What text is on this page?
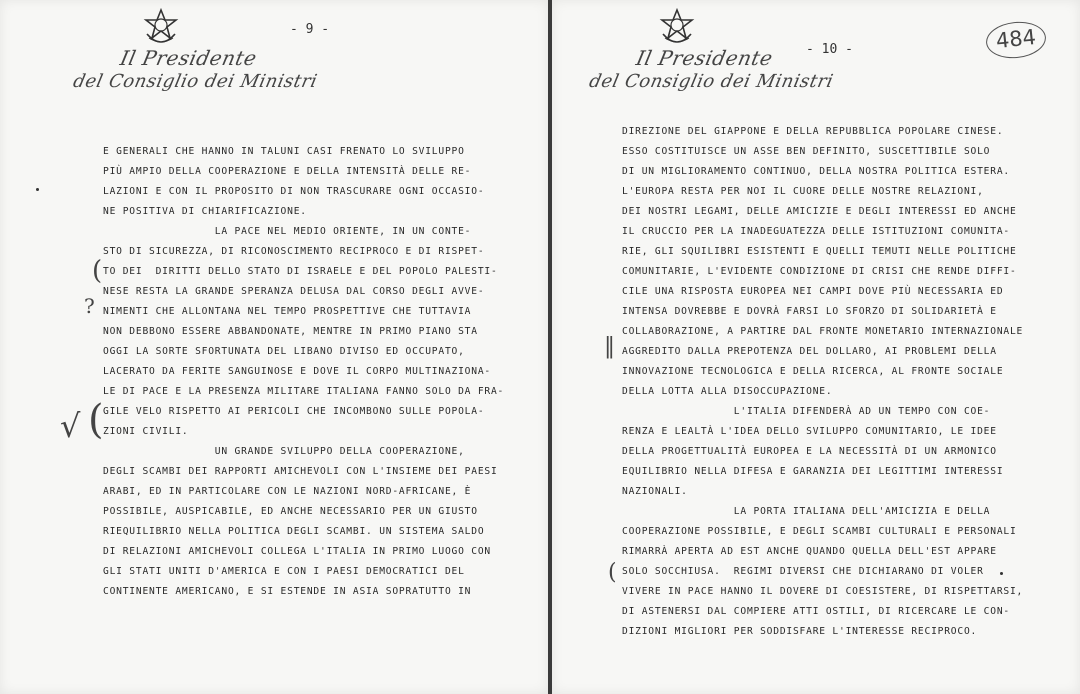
- 9 -
Il Presidente
del Consiglio dei Ministri
E GENERALI CHE HANNO IN TALUNI CASI FRENATO LO SVILUPPO
PIÙ AMPIO DELLA COOPERAZIONE E DELLA INTENSITÀ DELLE RE-
LAZIONI E CON IL PROPOSITO DI NON TRASCURARE OGNI OCCASIO-
NE POSITIVA DI CHIARIFICAZIONE.
LA PACE NEL MEDIO ORIENTE, IN UN CONTE-
STO DI SICUREZZA, DI RICONOSCIMENTO RECIPROCO E DI RISPET-
TO DEI  DIRITTI DELLO STATO DI ISRAELE E DEL POPOLO PALESTI-
NESE RESTA LA GRANDE SPERANZA DELUSA DAL CORSO DEGLI AVVE-
NIMENTI CHE ALLONTANA NEL TEMPO PROSPETTIVE CHE TUTTAVIA
NON DEBBONO ESSERE ABBANDONATE, MENTRE IN PRIMO PIANO STA
OGGI LA SORTE SFORTUNATA DEL LIBANO DIVISO ED OCCUPATO,
LACERATO DA FERITE SANGUINOSE E DOVE IL CORPO MULTINAZIONA-
LE DI PACE E LA PRESENZA MILITARE ITALIANA FANNO SOLO DA FRA-
GILE VELO RISPETTO AI PERICOLI CHE INCOMBONO SULLE POPOLA-
ZIONI CIVILI.
UN GRANDE SVILUPPO DELLA COOPERAZIONE,
DEGLI SCAMBI DEI RAPPORTI AMICHEVOLI CON L'INSIEME DEI PAESI
ARABI, ED IN PARTICOLARE CON LE NAZIONI NORD-AFRICANE, È
POSSIBILE, AUSPICABILE, ED ANCHE NECESSARIO PER UN GIUSTO
RIEQUILIBRIO NELLA POLITICA DEGLI SCAMBI. UN SISTEMA SALDO
DI RELAZIONI AMICHEVOLI COLLEGA L'ITALIA IN PRIMO LUOGO CON
GLI STATI UNITI D'AMERICA E CON I PAESI DEMOCRATICI DEL
CONTINENTE AMERICANO, E SI ESTENDE IN ASIA SOPRATUTTO IN
(
?
√ (
- 10 -
Il Presidente
del Consiglio dei Ministri
DIREZIONE DEL GIAPPONE E DELLA REPUBBLICA POPOLARE CINESE.
ESSO COSTITUISCE UN ASSE BEN DEFINITO, SUSCETTIBILE SOLO
DI UN MIGLIORAMENTO CONTINUO, DELLA NOSTRA POLITICA ESTERA.
L'EUROPA RESTA PER NOI IL CUORE DELLE NOSTRE RELAZIONI,
DEI NOSTRI LEGAMI, DELLE AMICIZIE E DEGLI INTERESSI ED ANCHE
IL CRUCCIO PER LA INADEGUATEZZA DELLE ISTITUZIONI COMUNITA-
RIE, GLI SQUILIBRI ESISTENTI E QUELLI TEMUTI NELLE POLITICHE
COMUNITARIE, L'EVIDENTE CONDIZIONE DI CRISI CHE RENDE DIFFI-
CILE UNA RISPOSTA EUROPEA NEI CAMPI DOVE PIÙ NECESSARIA ED
INTENSA DOVREBBE E DOVRÀ FARSI LO SFORZO DI SOLIDARIETÀ E
COLLABORAZIONE, A PARTIRE DAL FRONTE MONETARIO INTERNAZIONALE
AGGREDITO DALLA PREPOTENZA DEL DOLLARO, AI PROBLEMI DELLA
INNOVAZIONE TECNOLOGICA E DELLA RICERCA, AL FRONTE SOCIALE
DELLA LOTTA ALLA DISOCCUPAZIONE.
L'ITALIA DIFENDERÀ AD UN TEMPO CON COE-
RENZA E LEALTÀ L'IDEA DELLO SVILUPPO COMUNITARIO, LE IDEE
DELLA PROGETTUALITÀ EUROPEA E LA NECESSITÀ DI UN ARMONICO
EQUILIBRIO NELLA DIFESA E GARANZIA DEI LEGITTIMI INTERESSI
NAZIONALI.
LA PORTA ITALIANA DELL'AMICIZIA E DELLA
COOPERAZIONE POSSIBILE, E DEGLI SCAMBI CULTURALI E PERSONALI
RIMARRÀ APERTA AD EST ANCHE QUANDO QUELLA DELL'EST APPARE
SOLO SOCCHIUSA.  REGIMI DIVERSI CHE DICHIARANO DI VOLER
VIVERE IN PACE HANNO IL DOVERE DI COESISTERE, DI RISPETTARSI,
DI ASTENERSI DAL COMPIERE ATTI OSTILI, DI RICERCARE LE CON-
DIZIONI MIGLIORI PER SODDISFARE L'INTERESSE RECIPROCO.
‖
(
484
